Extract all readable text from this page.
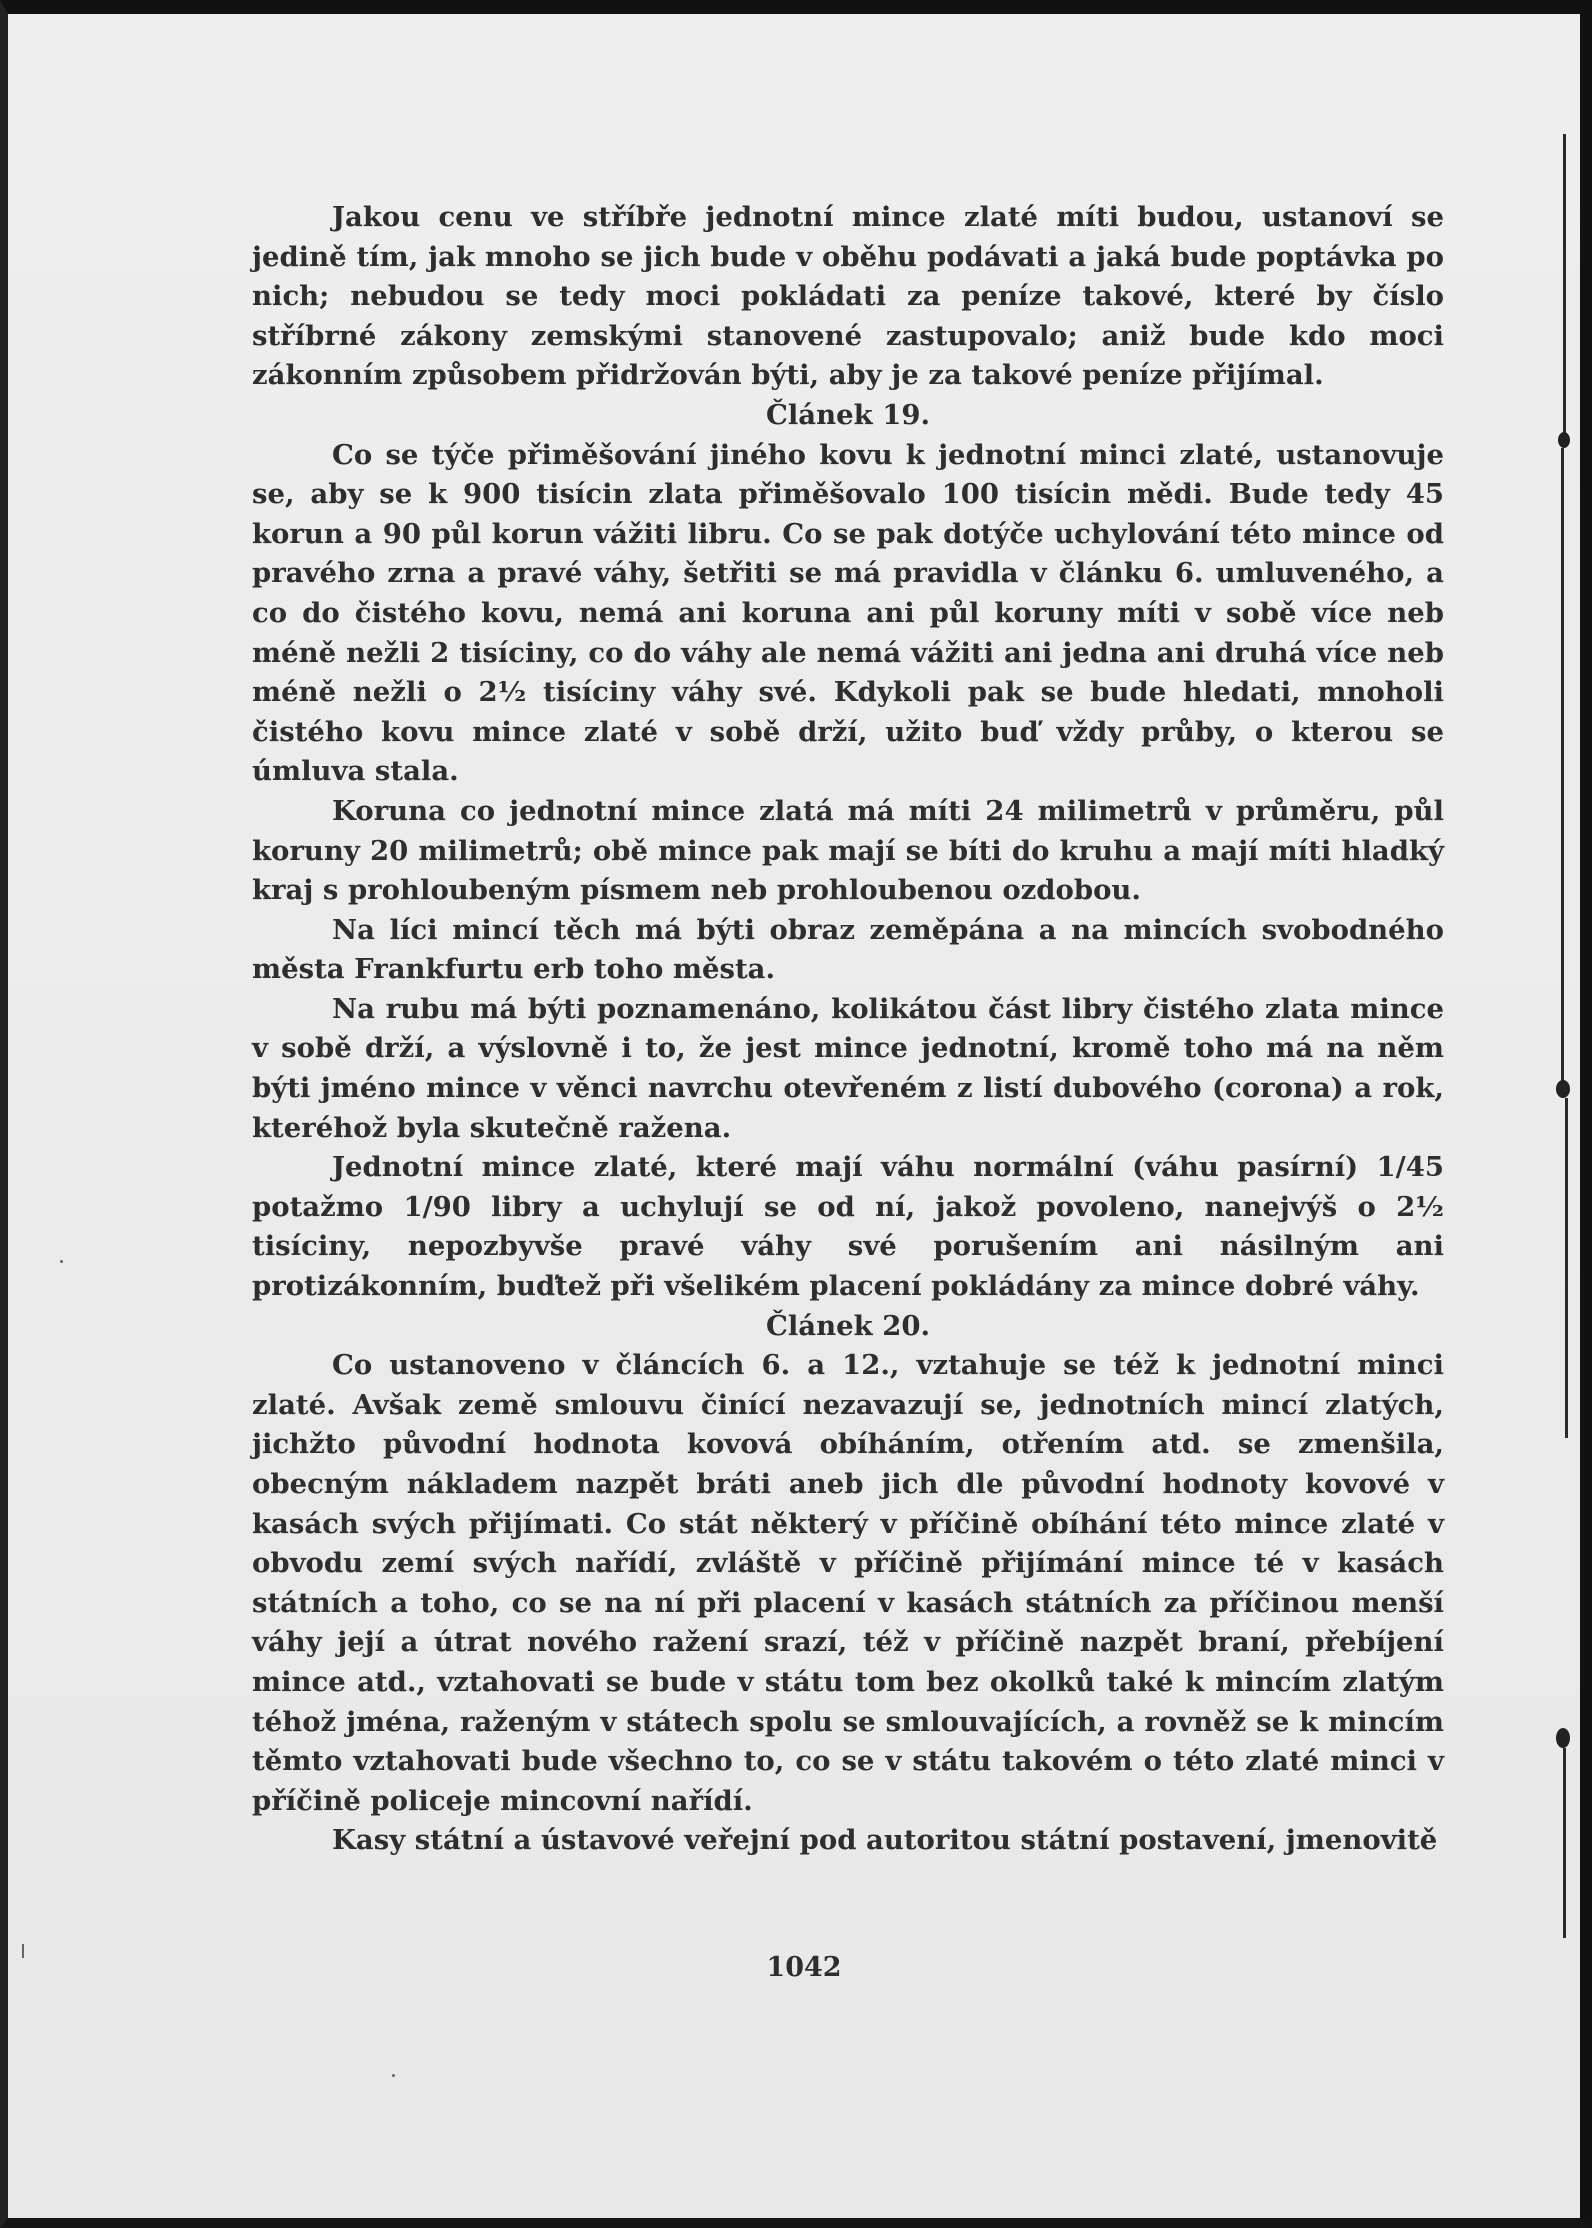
Jakou cenu ve stříbře jednotní mince zlaté míti budou, ustanoví se jedině tím, jak mnoho se jich bude v oběhu podávati a jaká bude poptávka po nich; nebudou se tedy moci pokládati za peníze takové, které by číslo stříbrné zákony zemskými stanovené zastupovalo; aniž bude kdo moci zákonním způsobem přidržován býti, aby je za takové peníze přijímal.

Článek 19.

Co se týče přiměšování jiného kovu k jednotní minci zlaté, ustanovuje se, aby se k 900 tisícin zlata přiměšovalo 100 tisícin mědi. Bude tedy 45 korun a 90 půl korun vážiti libru. Co se pak dotýče uchylování této mince od pravého zrna a pravé váhy, šetřiti se má pravidla v článku 6. umluveného, a co do čistého kovu, nemá ani koruna ani půl koruny míti v sobě více neb méně nežli 2 tisíciny, co do váhy ale nemá vážiti ani jedna ani druhá více neb méně nežli o 2½ tisíciny váhy své. Kdykoli pak se bude hledati, mnoholi čistého kovu mince zlaté v sobě drží, užito buď vždy průby, o kterou se úmluva stala.

Koruna co jednotní mince zlatá má míti 24 milimetrů v průměru, půl koruny 20 milimetrů; obě mince pak mají se bíti do kruhu a mají míti hladký kraj s prohloubeným písmem neb prohloubenou ozdobou.

Na líci mincí těch má býti obraz zeměpána a na mincích svobodného města Frankfurtu erb toho města.

Na rubu má býti poznamenáno, kolikátou část libry čistého zlata mince v sobě drží, a výslovně i to, že jest mince jednotní, kromě toho má na něm býti jméno mince v věnci navrchu otevřeném z listí dubového (corona) a rok, kteréhož byla skutečně ražena.

Jednotní mince zlaté, které mají váhu normální (váhu pasírní) 1/45 potažmo 1/90 libry a uchylují se od ní, jakož povoleno, nanejvýš o 2½ tisíciny, nepozbyvše pravé váhy své porušením ani násilným ani protizákonním, buďtež při všelikém placení pokládány za mince dobré váhy.

Článek 20.

Co ustanoveno v článcích 6. a 12., vztahuje se též k jednotní minci zlaté. Avšak země smlouvu činící nezavazují se, jednotních mincí zlatých, jichžto původní hodnota kovová obíháním, otřením atd. se zmenšila, obecným nákladem nazpět bráti aneb jich dle původní hodnoty kovové v kasách svých přijímati. Co stát některý v příčině obíhání této mince zlaté v obvodu zemí svých nařídí, zvláště v příčině přijímání mince té v kasách státních a toho, co se na ní při placení v kasách státních za příčinou menší váhy její a útrat nového ražení srazí, též v příčině nazpět braní, přebíjení mince atd., vztahovati se bude v státu tom bez okolků také k mincím zlatým téhož jména, raženým v státech spolu se smlouvajících, a rovněž se k mincím těmto vztahovati bude všechno to, co se v státu takovém o této zlaté minci v příčině policeje mincovní nařídí.

Kasy státní a ústavové veřejní pod autoritou státní postavení, jmenovitě

1042
